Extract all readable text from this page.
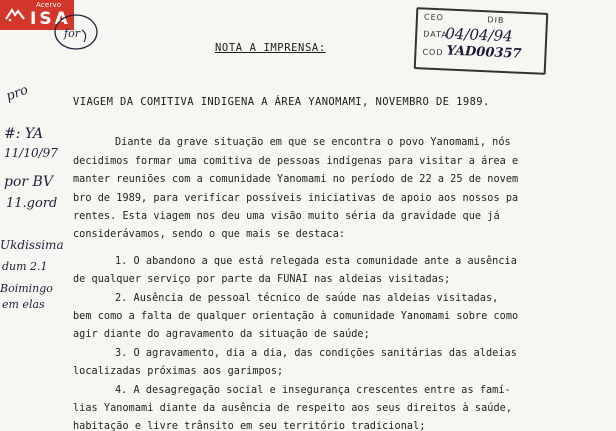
Acervo
ISA
for
CEO	DIB
DATA
COD
04/04/94
YAD00357
pro
#: YA
11/10/97
por BV
11.gord
Ukdissima
dum 2.1
Boimingo
em elas
NOTA A IMPRENSA:
VIAGEM DA COMITIVA INDIGENA A ÁREA YANOMAMI, NOVEMBRO DE 1989.
Diante da grave situação em que se encontra o povo Yanomami, nós
decidimos formar uma comitiva de pessoas indígenas para visitar a área e
manter reuniões com a comunidade Yanomami no período de 22 a 25 de novem
bro de 1989, para verificar possíveis iniciativas de apoio aos nossos pa
rentes. Esta viagem nos deu uma visão muito séria da gravidade que já
considerávamos, sendo o que mais se destaca:
1. O abandono a que está relegada esta comunidade ante a ausência
de qualquer serviço por parte da FUNAI nas aldeias visitadas;
2. Ausência de pessoal técnico de saúde nas aldeias visitadas,
bem como a falta de qualquer orientação à comunidade Yanomami sobre como
agir diante do agravamento da situação de saúde;
3. O agravamento, dia a dia, das condições sanitárias das aldeias
localizadas próximas aos garimpos;
4. A desagregação social e insegurança crescentes entre as famí-
lias Yanomami diante da ausência de respeito aos seus direitos à saúde,
habitação e livre trânsito em seu território tradicional;
